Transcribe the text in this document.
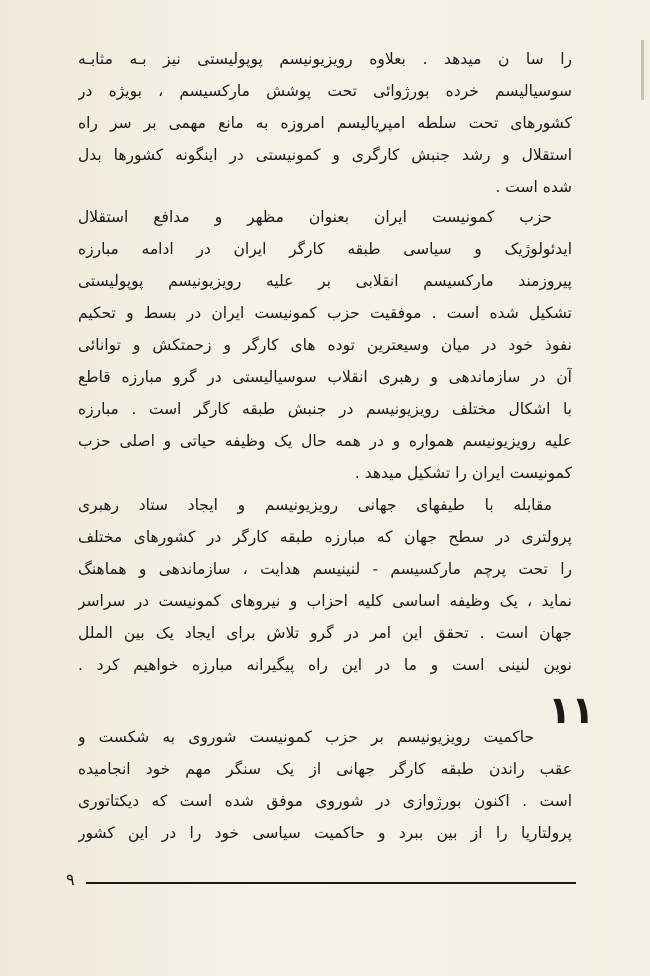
را سا ن میدهد . بعلاوه رویزیونیسم پوپولیستی نیز بـه مثابـه
سوسیالیسم خرده بورژوائی تحت پوشش مارکسیسم ، بویژه در
کشورهای تحت سلطه امپریالیسم امروزه به مانع مهمی بر سر راه
استقلال و رشد جنبش کارگری و کمونیستی در اینگونه کشورها بدل
شده است .
حزب کمونیست ایران بعنوان مظهر و مدافع استقلال
ایدئولوژیک و سیاسی طبقه کارگر ایران در ادامه مبارزه
پیروزمند مارکسیسم انقلابی بر علیه رویزیونیسم پوپولیستی
تشکیل شده است . موفقیت حزب کمونیست ایران در بسط و تحکیم
نفوذ خود در میان وسیعترین توده های کارگر و زحمتکش و توانائی
آن در سازماندهی و رهبری انقلاب سوسیالیستی در گرو مبارزه قاطع
با اشکال مختلف رویزیونیسم در جنبش طبقه کارگر است . مبارزه
علیه رویزیونیسم همواره و در همه حال یک وظیفه حیاتی و اصلی حزب
کمونیست ایران را تشکیل میدهد .
مقابله با طیفهای جهانی رویزیونیسم و ایجاد ستاد رهبری
پرولتری در سطح جهان که مبارزه طبقه کارگر در کشورهای مختلف
را تحت پرچم مارکسیسم - لنینیسم هدایت ، سازماندهی و هماهنگ
نماید ، یک وظیفه اساسی کلیه احزاب و نیروهای کمونیست در سراسر
جهان است . تحقق این امر در گرو تلاش برای ایجاد یک بین الملل
نوین لنینی است و ما در این راه پیگیرانه مبارزه خواهیم کرد .
۱۱
حاکمیت رویزیونیسم بر حزب کمونیست شوروی به شکست و
عقب راندن طبقه کارگر جهانی از یک سنگر مهم خود انجامیده
است . اکنون بورژوازی در شوروی موفق شده است که دیکتاتوری
پرولتاریا را از بین ببرد و حاکمیت سیاسی خود را در این کشور
۹
